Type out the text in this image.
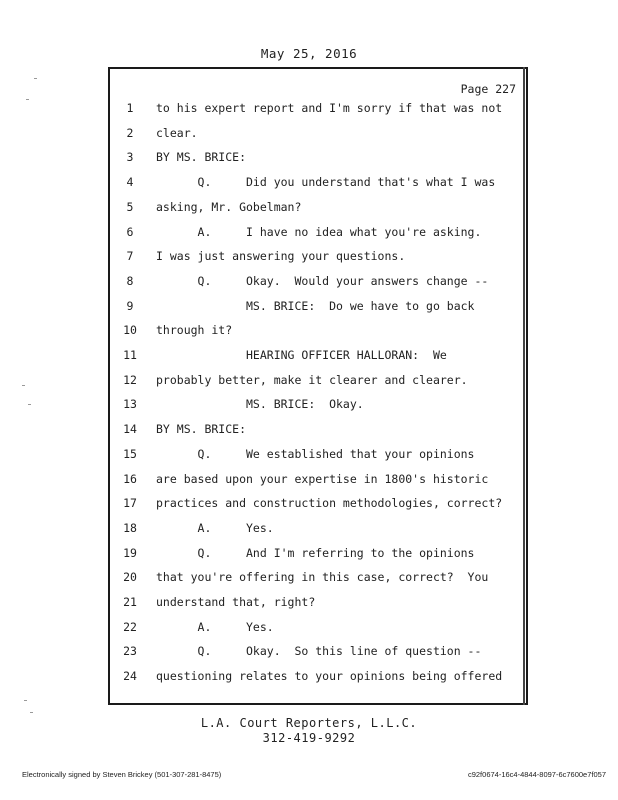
May 25, 2016
Page 227
1	to his expert report and I'm sorry if that was not
2	clear.
3	BY MS. BRICE:
4	Q.     Did you understand that's what I was
5	asking, Mr. Gobelman?
6	A.     I have no idea what you're asking.
7	I was just answering your questions.
8	Q.     Okay.  Would your answers change --
9	MS. BRICE:  Do we have to go back
10	through it?
11	HEARING OFFICER HALLORAN:  We
12	probably better, make it clearer and clearer.
13	MS. BRICE:  Okay.
14	BY MS. BRICE:
15	Q.     We established that your opinions
16	are based upon your expertise in 1800's historic
17	practices and construction methodologies, correct?
18	A.     Yes.
19	Q.     And I'm referring to the opinions
20	that you're offering in this case, correct?  You
21	understand that, right?
22	A.     Yes.
23	Q.     Okay.  So this line of question --
24	questioning relates to your opinions being offered
L.A. Court Reporters, L.L.C.
312-419-9292
Electronically signed by Steven Brickey (501-307-281-8475)	c92f0674-16c4-4844-8097-6c7600e7f057
